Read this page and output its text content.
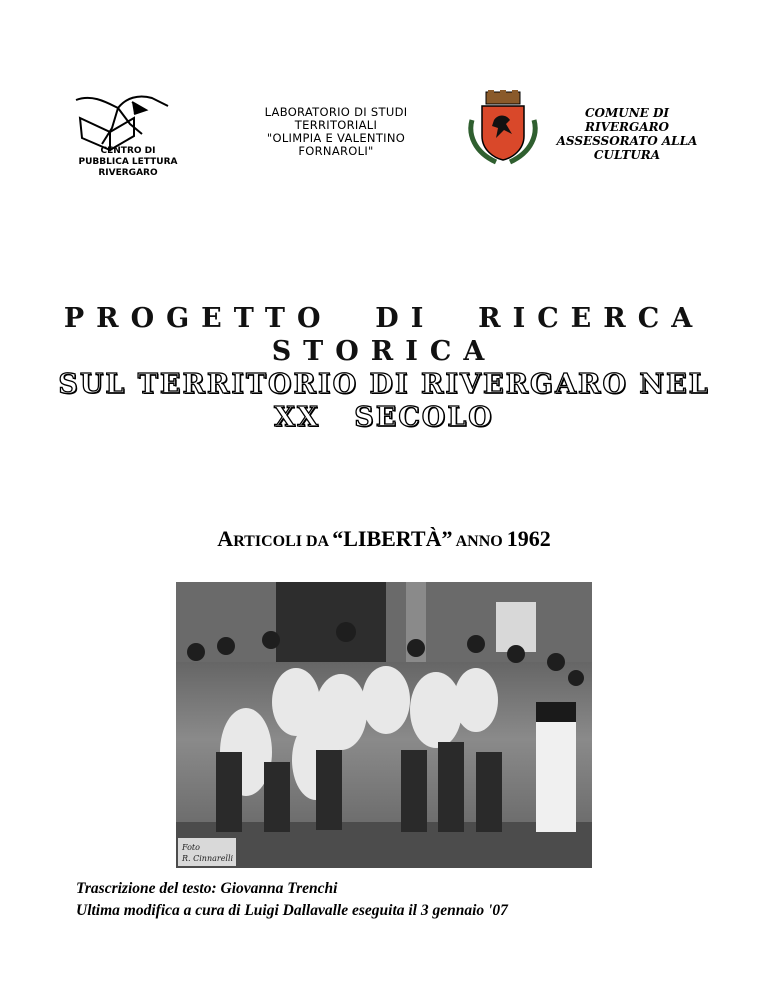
CENTRO DI
PUBBLICA LETTURA
RIVERGARO
LABORATORIO DI STUDI
TERRITORIALI
"OLIMPIA E VALENTINO
FORNAROLI"
COMUNE DI
RIVERGARO
ASSESSORATO ALLA
CULTURA
PROGETTO  DI  RICERCA
STORICA
SUL TERRITORIO DI RIVERGARO NEL
XX   SECOLO
ARTICOLI DA “LIBERTÀ” ANNO 1962
Foto
R. Cinnarelli
Trascrizione del testo: Giovanna Trenchi
Ultima modifica a cura di Luigi Dallavalle eseguita il 3 gennaio '07
